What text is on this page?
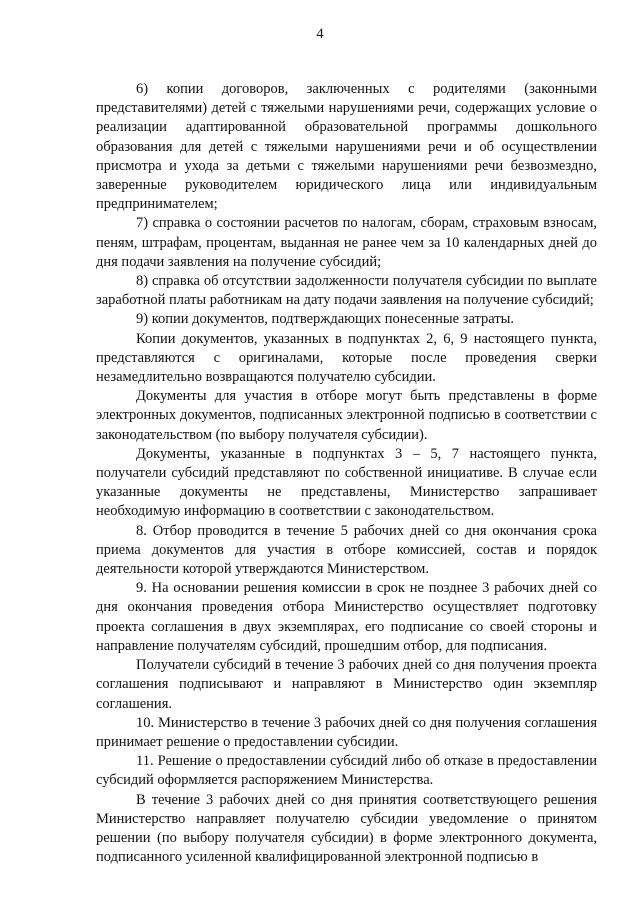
4

6) копии договоров, заключенных с родителями (законными представителями) детей с тяжелыми нарушениями речи, содержащих условие о реализации адаптированной образовательной программы дошкольного образования для детей с тяжелыми нарушениями речи и об осуществлении присмотра и ухода за детьми с тяжелыми нарушениями речи безвозмездно, заверенные руководителем юридического лица или индивидуальным предпринимателем;

7) справка о состоянии расчетов по налогам, сборам, страховым взносам, пеням, штрафам, процентам, выданная не ранее чем за 10 календарных дней до дня подачи заявления на получение субсидий;

8) справка об отсутствии задолженности получателя субсидии по выплате заработной платы работникам на дату подачи заявления на получение субсидий;

9) копии документов, подтверждающих понесенные затраты.

Копии документов, указанных в подпунктах 2, 6, 9 настоящего пункта, представляются с оригиналами, которые после проведения сверки незамедлительно возвращаются получателю субсидии.

Документы для участия в отборе могут быть представлены в форме электронных документов, подписанных электронной подписью в соответствии с законодательством (по выбору получателя субсидии).

Документы, указанные в подпунктах 3 – 5, 7 настоящего пункта, получатели субсидий представляют по собственной инициативе. В случае если указанные документы не представлены, Министерство запрашивает необходимую информацию в соответствии с законодательством.

8. Отбор проводится в течение 5 рабочих дней со дня окончания срока приема документов для участия в отборе комиссией, состав и порядок деятельности которой утверждаются Министерством.

9. На основании решения комиссии в срок не позднее 3 рабочих дней со дня окончания проведения отбора Министерство осуществляет подготовку проекта соглашения в двух экземплярах, его подписание со своей стороны и направление получателям субсидий, прошедшим отбор, для подписания.

Получатели субсидий в течение 3 рабочих дней со дня получения проекта соглашения подписывают и направляют в Министерство один экземпляр соглашения.

10. Министерство в течение 3 рабочих дней со дня получения соглашения принимает решение о предоставлении субсидии.

11. Решение о предоставлении субсидий либо об отказе в предоставлении субсидий оформляется распоряжением Министерства.

В течение 3 рабочих дней со дня принятия соответствующего решения Министерство направляет получателю субсидии уведомление о принятом решении (по выбору получателя субсидии) в форме электронного документа, подписанного усиленной квалифицированной электронной подписью в
